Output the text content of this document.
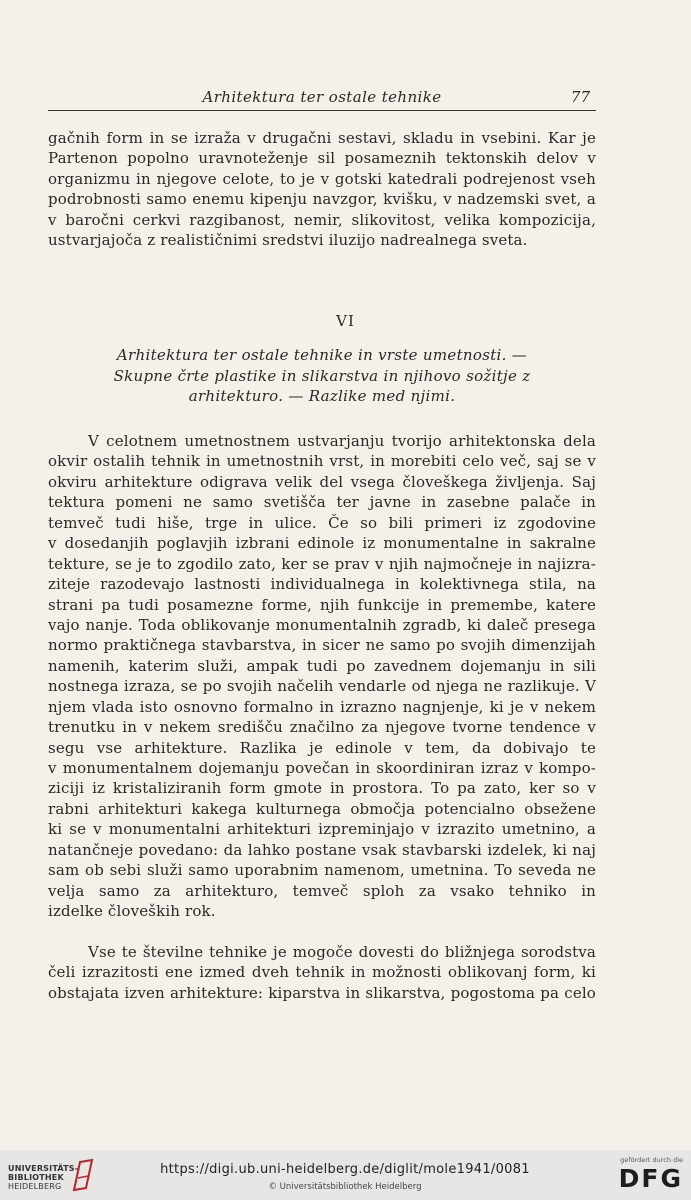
Arhitektura ter ostale tehnike	77
gačnih form in se izraža v drugačni sestavi, skladu in vsebini. Kar je
Partenon popolno uravnoteženje sil posameznih tektonskih delov v
organizmu in njegove celote, to je v gotski katedrali podrejenost vseh
podrobnosti samo enemu kipenju navzgor, kvišku, v nadzemski svet, a
v baročni cerkvi razgibanost, nemir, slikovitost, velika kompozicija,
ustvarjajoča z realističnimi sredstvi iluzijo nadrealnega sveta.
VI
Arhitektura ter ostale tehnike in vrste umetnosti. —
Skupne črte plastike in slikarstva in njihovo sožitje z
arhitekturo. — Razlike med njimi.
V celotnem umetnostnem ustvarjanju tvorijo arhitektonska dela
okvir ostalih tehnik in umetnostnih vrst, in morebiti celo več, saj se v
okviru arhitekture odigrava velik del vsega človeškega življenja. Saj
tektura pomeni ne samo svetišča ter javne in zasebne palače in
temveč tudi hiše, trge in ulice. Če so bili primeri iz zgodovine
v dosedanjih poglavjih izbrani edinole iz monumentalne in sakralne
tekture, se je to zgodilo zato, ker se prav v njih najmočneje in najizra-
ziteje razodevajo lastnosti individualnega in kolektivnega stila, na
strani pa tudi posamezne forme, njih funkcije in premembe, katere
vajo nanje. Toda oblikovanje monumentalnih zgradb, ki daleč presega
normo praktičnega stavbarstva, in sicer ne samo po svojih dimenzijah
namenih, katerim služi, ampak tudi po zavednem dojemanju in sili
nostnega izraza, se po svojih načelih vendarle od njega ne razlikuje. V
njem vlada isto osnovno formalno in izrazno nagnjenje, ki je v nekem
trenutku in v nekem središču značilno za njegove tvorne tendence v
segu vse arhitekture. Razlika je edinole v tem, da dobivajo te
v monumentalnem dojemanju povečan in skoordiniran izraz v kompo-
ziciji iz kristaliziranih form gmote in prostora. To pa zato, ker so v
rabni arhitekturi kakega kulturnega območja potencialno obsežene
ki se v monumentalni arhitekturi izpreminjajo v izrazito umetnino, a
natančneje povedano: da lahko postane vsak stavbarski izdelek, ki naj
sam ob sebi služi samo uporabnim namenom, umetnina. To seveda ne
velja samo za arhitekturo, temveč sploh za vsako tehniko in
izdelke človeških rok.
Vse te številne tehnike je mogoče dovesti do bližnjega sorodstva
čeli izrazitosti ene izmed dveh tehnik in možnosti oblikovanj form, ki
obstajata izven arhitekture: kiparstva in slikarstva, pogostoma pa celo
UNIVERSITÄTS-
BIBLIOTHEK
HEIDELBERG
https://digi.ub.uni-heidelberg.de/diglit/mole1941/0081
© Universitätsbibliothek Heidelberg
gefördert durch die
DFG
